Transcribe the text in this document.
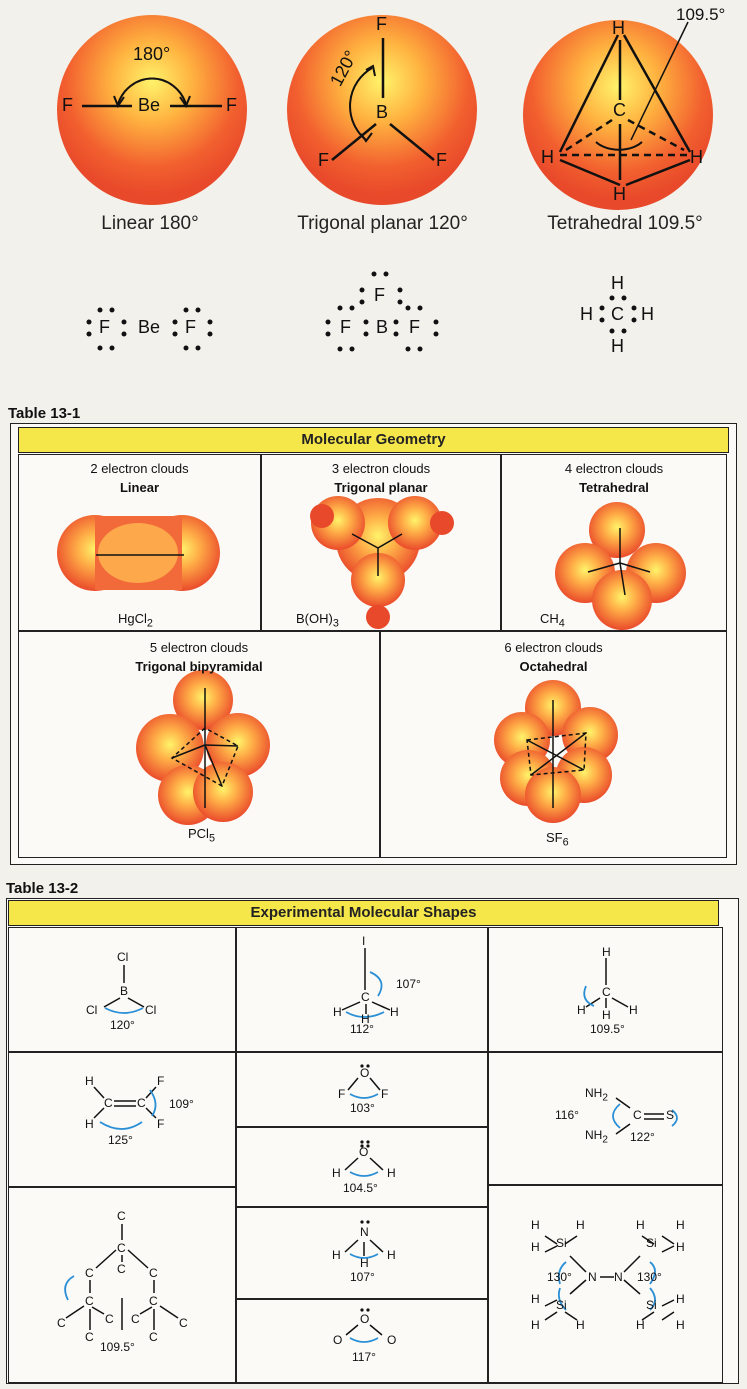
180°
F	Be	F
F
B
F	F
120°
H
C
H	H
H
109.5°
Linear 180°	Trigonal planar 120°	Tetrahedral 109.5°
F Be F
F
F B F
H
H C H
H
Table 13-1
Molecular Geometry
2 electron clouds
Linear
HgCl$_2$
3 electron clouds
Trigonal planar
$B(OH)_3$
4 electron clouds
Tetrahedral
$CH_4$
5 electron clouds
Trigonal bipyramidal
PCl$_5$
6 electron clouds
Octahedral
$SF_6$
Table 13-2
Experimental Molecular Shapes
Cl
B
Cl	Cl
120°
I
C
H H H
107°
112°
H
C
H H H
109.5°
H
C C
F
H	F
109°
125°
O
F	F
103°
$NH_2$
C S
$NH_2$
116°
122°
O
H	H
104.5°
N
H
H
H
107°
O
O	O
117°
C
C
C
C	C
C	C
C	C C	C
C	C
109.5°
H	H	H	H
H	H
Si	Si
N N
H	H
Si	Si
H	H	H	H
130°	130°
